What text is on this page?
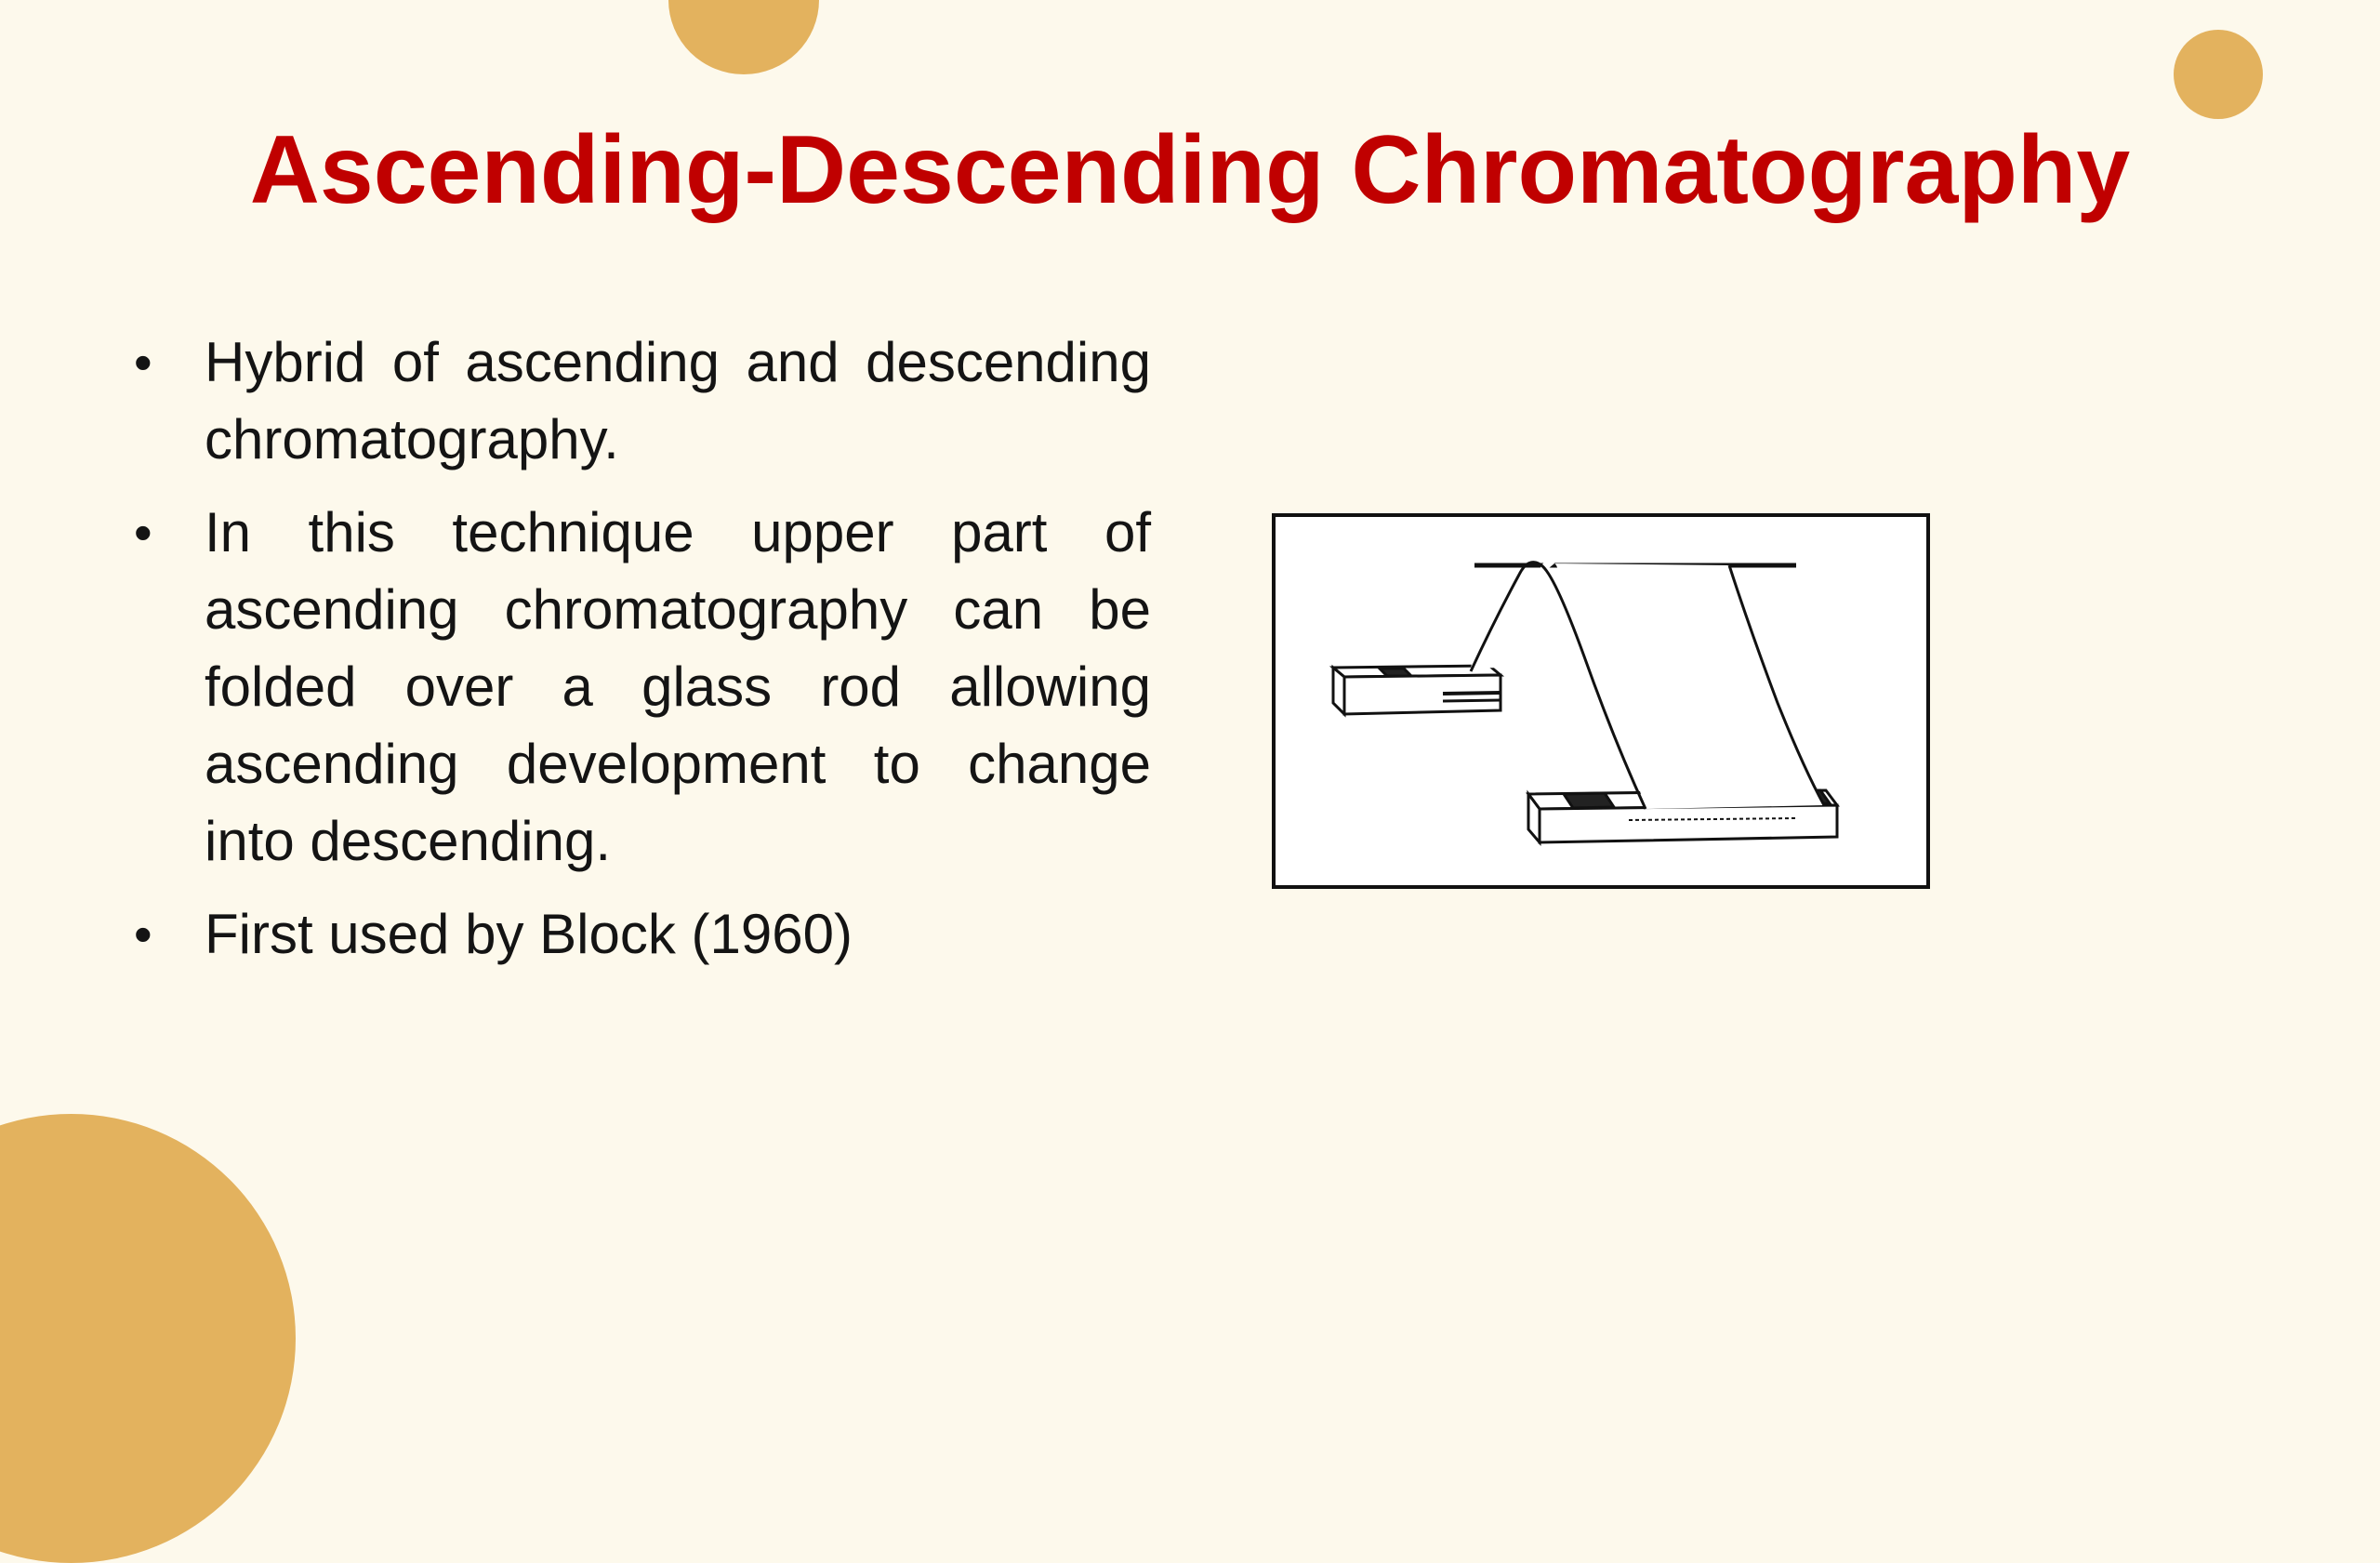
Ascending-Descending Chromatography
• Hybrid of ascending and descending chromatography.
• In this technique upper part of ascending chromatography can be folded over a glass rod allowing ascending development to change into descending.
• First used by Block (1960)
